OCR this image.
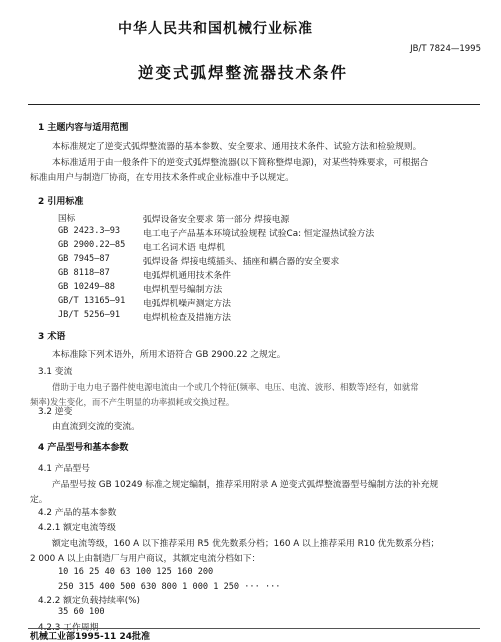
中华人民共和国机械行业标准
JB/T 7824—1995
逆变式弧焊整流器技术条件
1 主题内容与适用范围
本标准规定了逆变式弧焊整流器的基本参数、安全要求、通用技术条件、试验方法和检验规则。
本标准适用于由一般条件下的逆变式弧焊整流器(以下简称整焊电源)，对某些特殊要求，可根据合
标准由用户与制造厂协商，在专用技术条件或企业标准中予以规定。
2 引用标准
国标	弧焊设备安全要求 第一部分 焊接电源
GB 2423.3—93	电工电子产品基本环境试验规程 试验Ca: 恒定湿热试验方法
GB 2900.22—85 电工名词术语 电焊机
GB 7945—87	弧焊设备 焊接电缆插头、插座和耦合器的安全要求
GB 8118—87	电弧焊机通用技术条件
GB 10249—88	电焊机型号编制方法
GB/T 13165—91 电弧焊机噪声测定方法
JB/T 5256—91	电焊机检查及措施方法
3 术语
本标准除下列术语外，所用术语符合 GB 2900.22 之规定。
3.1 变流
借助于电力电子器件使电源电流由一个或几个特征(频率、电压、电流、波形、相数等)经有，如就常
频率)发生变化，而不产生明显的功率损耗或交换过程。
3.2 逆变
由直流到交流的变流。
4 产品型号和基本参数
4.1 产品型号
产品型号按 GB 10249 标准之规定编制，推荐采用附录 A 逆变式弧焊整流器型号编制方法的补充规
定。
4.2 产品的基本参数
4.2.1 额定电流等级
额定电流等级，160 A 以下推荐采用 R5 优先数系分档；160 A 以上推荐采用 R10 优先数系分档；
2 000 A 以上由制造厂与用户商议，其额定电流分档如下：
10 16 25 40 63 100 125 160 200
250 315 400 500 630 800 1 000 1 250 ··· ···
4.2.2 额定负载持续率(%)
35 60 100
4.2.3 工作周期
机械工业部1995-11 24批准
